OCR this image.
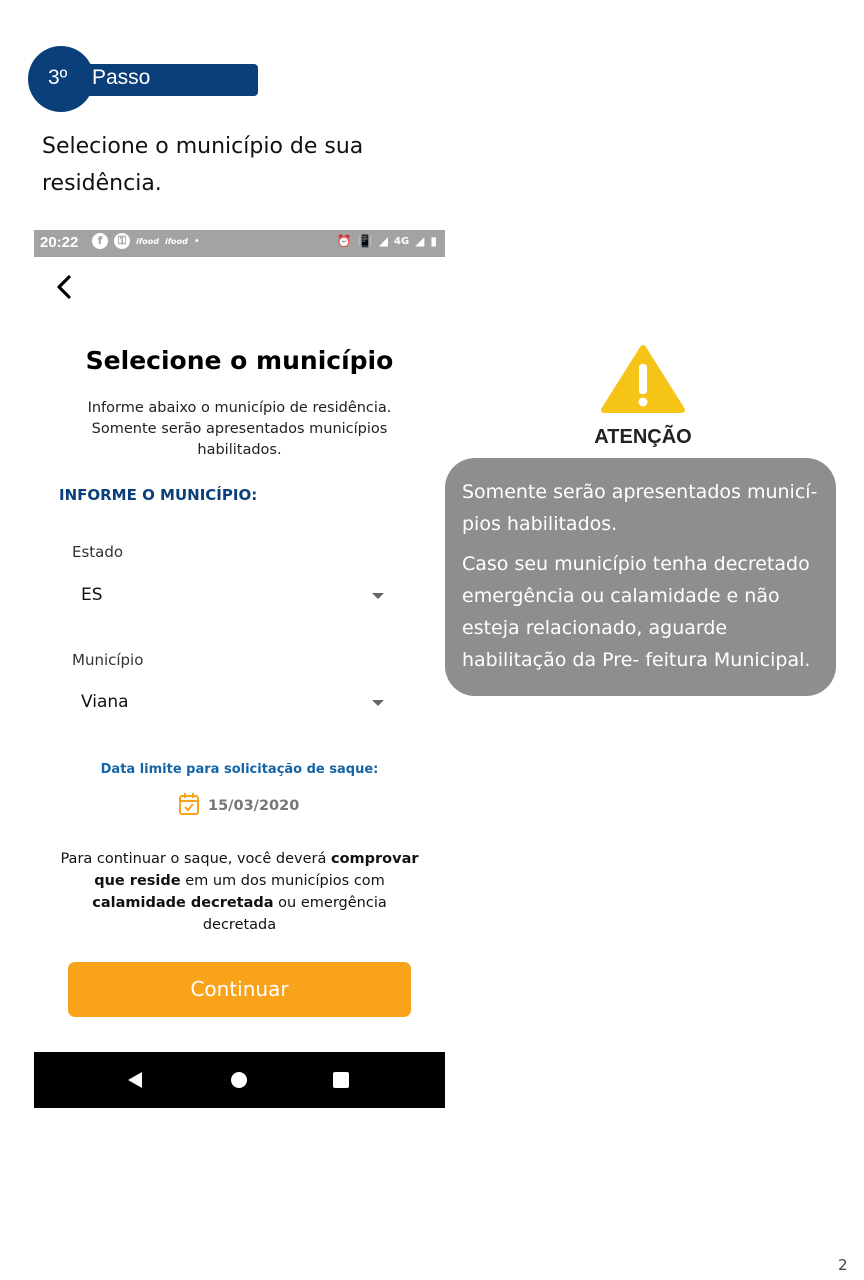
3º Passo
Selecione o município de sua residência.
20:22	f	⚿	ifood ifood •	⏰ 📳 ◢ 4G ◢ ▮
Selecione o município
Informe abaixo o município de residência. Somente serão apresentados municípios habilitados.
INFORME O MUNICÍPIO:
Estado
ES
Município
Viana
Data limite para solicitação de saque:
15/03/2020
Para continuar o saque, você deverá comprovar que reside em um dos municípios com calamidade decretada ou emergência decretada
Continuar
ATENÇÃO

Somente serão apresentados municí- pios habilitados.

Caso seu município tenha decretado emergência ou calamidade e não esteja relacionado, aguarde habilitação da Pre- feitura Municipal.

2
